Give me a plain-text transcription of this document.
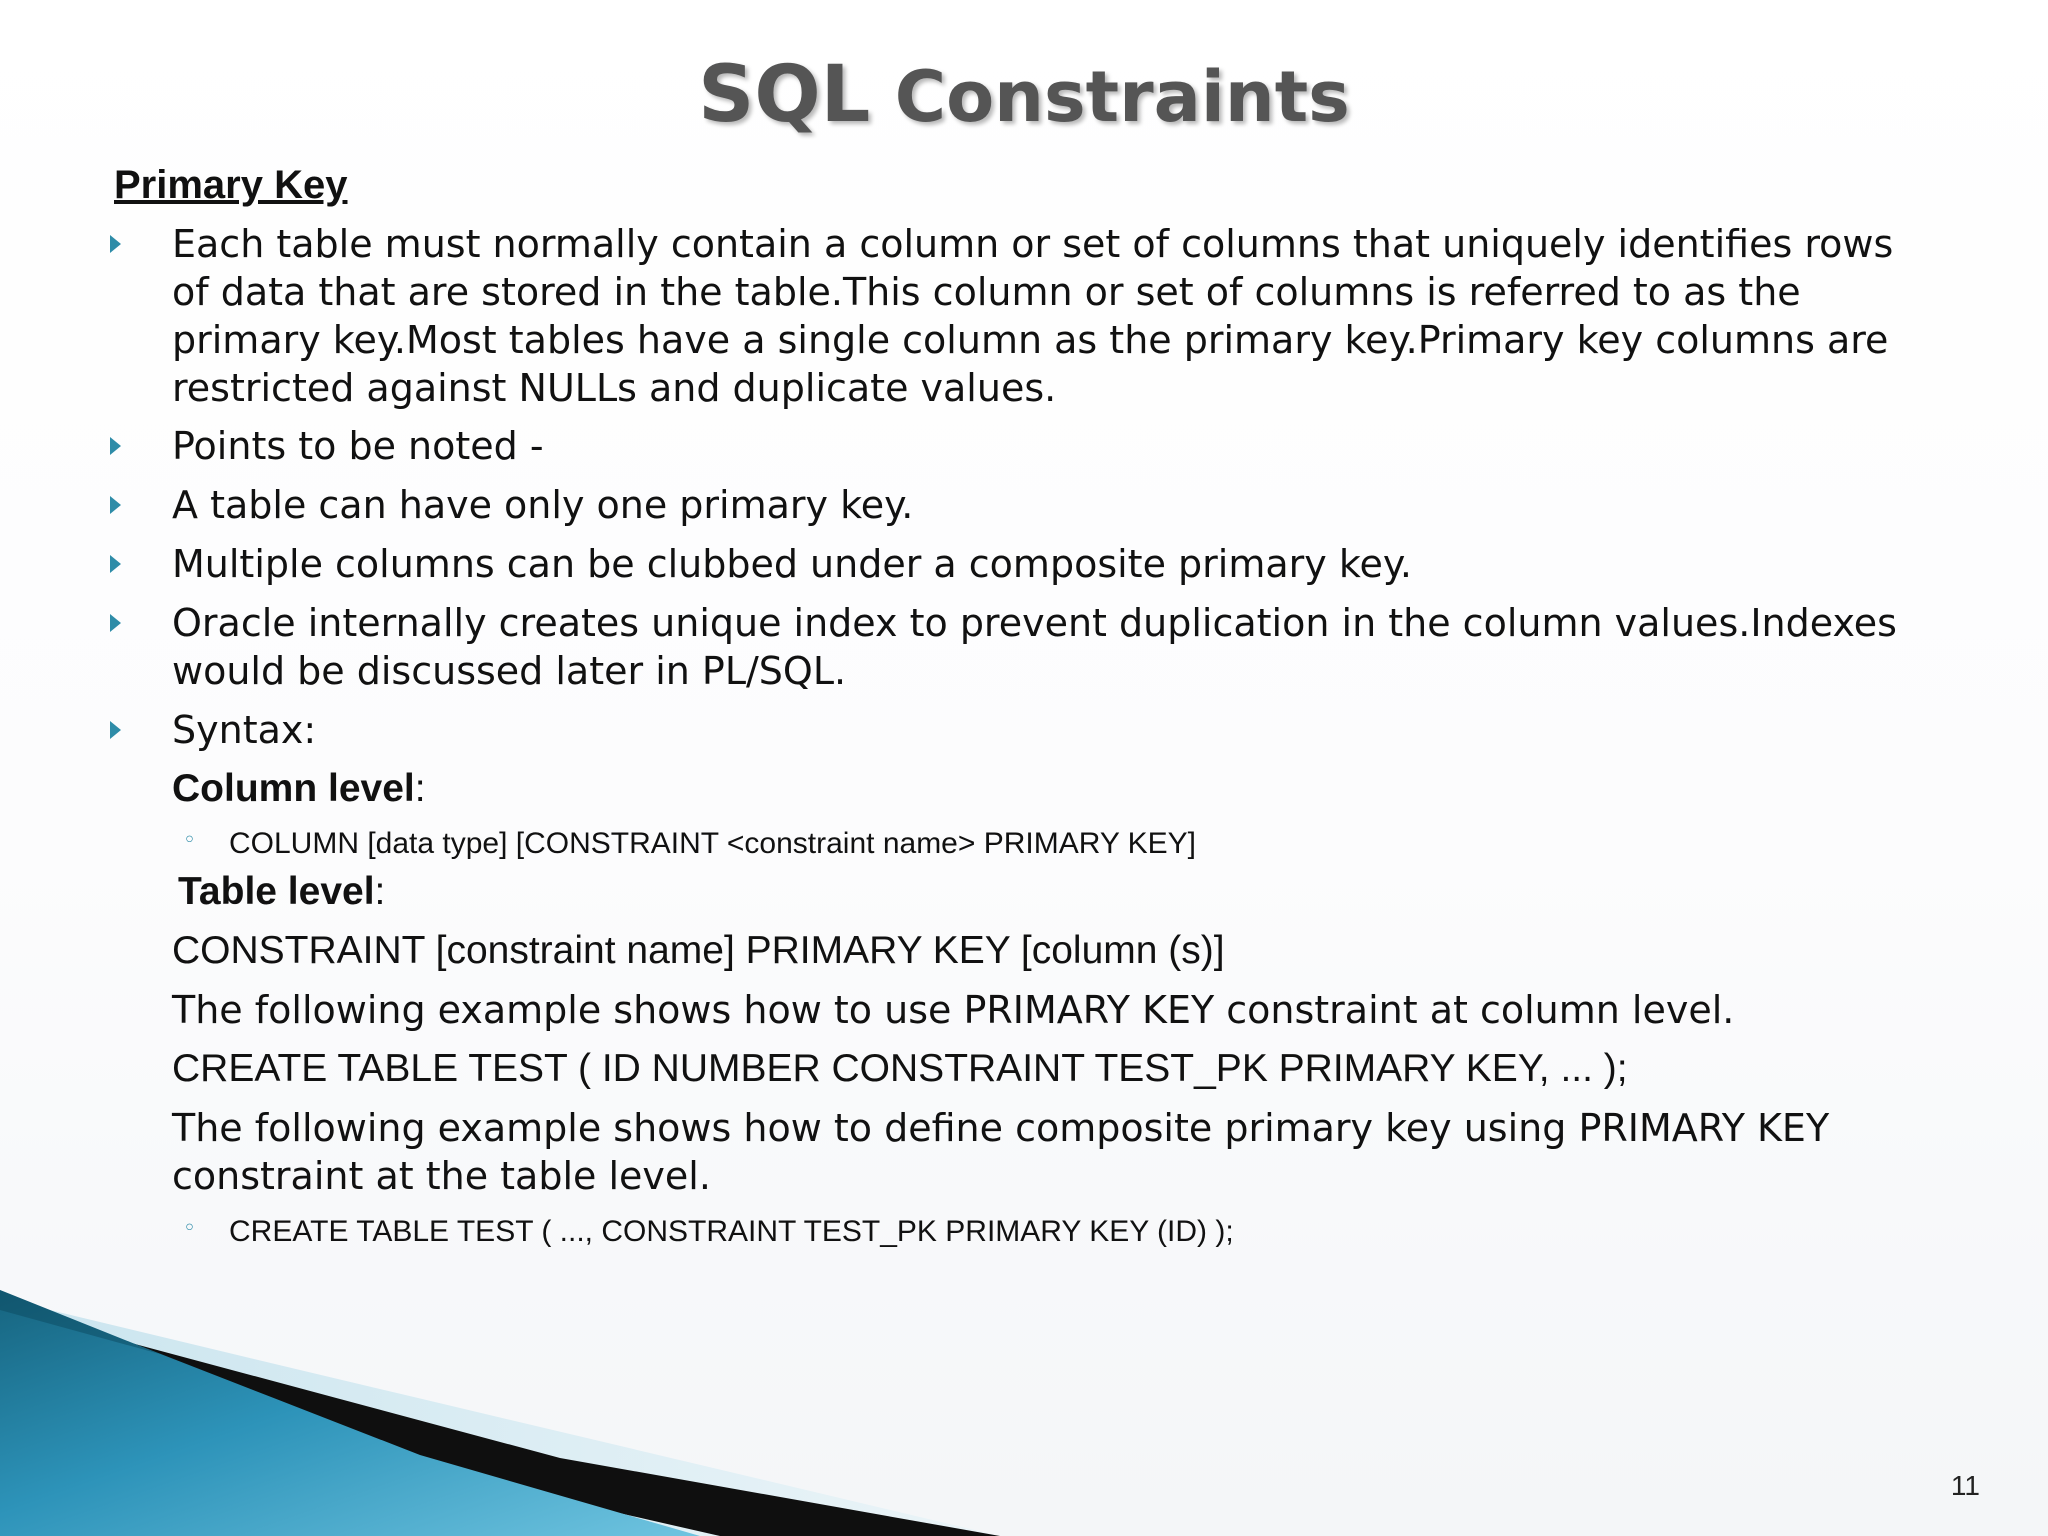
SQL Constraints
Primary Key
Each table must normally contain a column or set of columns that uniquely identifies rows of data that are stored in the table.This column or set of columns is referred to as the primary key.Most tables have a single column as the primary key.Primary key columns are restricted against NULLs and duplicate values.
Points to be noted -
A table can have only one primary key.
Multiple columns can be clubbed under a composite primary key.
Oracle internally creates unique index to prevent duplication in the column values.Indexes would be discussed later in PL/SQL.
Syntax:
Column level:
◦ COLUMN [data type] [CONSTRAINT <constraint name> PRIMARY KEY]
Table level:
CONSTRAINT [constraint name] PRIMARY KEY [column (s)]
The following example shows how to use PRIMARY KEY constraint at column level.
CREATE TABLE TEST ( ID NUMBER CONSTRAINT TEST_PK PRIMARY KEY, ... );
The following example shows how to define composite primary key using PRIMARY KEY constraint at the table level.
◦ CREATE TABLE TEST ( ..., CONSTRAINT TEST_PK PRIMARY KEY (ID) );
11
